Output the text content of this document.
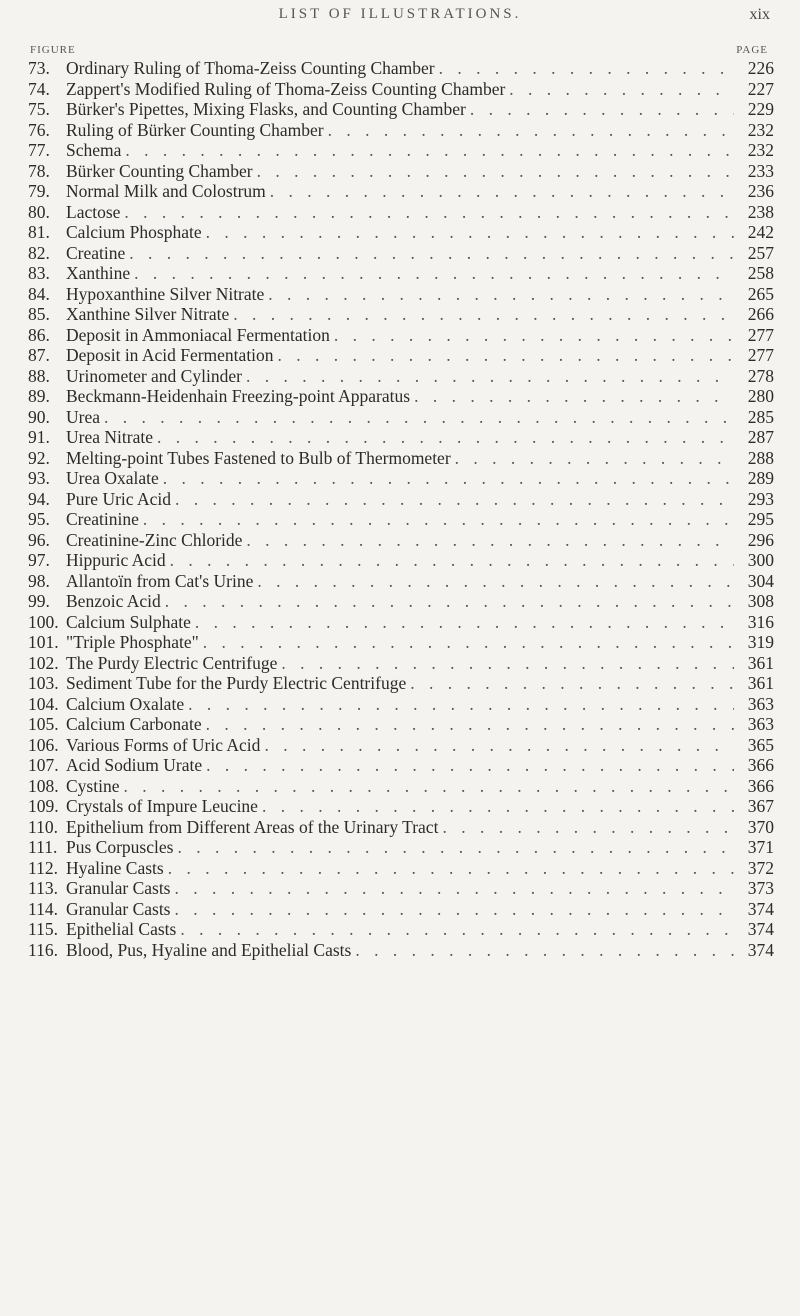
LIST OF ILLUSTRATIONS.	xix
FIGURE	PAGE
73. Ordinary Ruling of Thoma-Zeiss Counting Chamber . . .	226
74. Zappert's Modified Ruling of Thoma-Zeiss Counting Chamber . . .	227
75. Bürker's Pipettes, Mixing Flasks, and Counting Chamber . . .	229
76. Ruling of Bürker Counting Chamber . . .	232
77. Schema . . .	232
78. Bürker Counting Chamber . . .	233
79. Normal Milk and Colostrum . . .	236
80. Lactose . . .	238
81. Calcium Phosphate . . .	242
82. Creatine . . .	257
83. Xanthine . . .	258
84. Hypoxanthine Silver Nitrate . . .	265
85. Xanthine Silver Nitrate . . .	266
86. Deposit in Ammoniacal Fermentation . . .	277
87. Deposit in Acid Fermentation . . .	277
88. Urinometer and Cylinder . . .	278
89. Beckmann-Heidenhain Freezing-point Apparatus . . .	280
90. Urea . . .	285
91. Urea Nitrate . . .	287
92. Melting-point Tubes Fastened to Bulb of Thermometer . . .	288
93. Urea Oxalate . . .	289
94. Pure Uric Acid . . .	293
95. Creatinine . . .	295
96. Creatinine-Zinc Chloride . . .	296
97. Hippuric Acid . . .	300
98. Allantoïn from Cat's Urine . . .	304
99. Benzoic Acid . . .	308
100. Calcium Sulphate . . .	316
101. "Triple Phosphate" . . .	319
102. The Purdy Electric Centrifuge . . .	361
103. Sediment Tube for the Purdy Electric Centrifuge . . .	361
104. Calcium Oxalate . . .	363
105. Calcium Carbonate . . .	363
106. Various Forms of Uric Acid . . .	365
107. Acid Sodium Urate . . .	366
108. Cystine . . .	366
109. Crystals of Impure Leucine . . .	367
110. Epithelium from Different Areas of the Urinary Tract . . .	370
111. Pus Corpuscles . . .	371
112. Hyaline Casts . . .	372
113. Granular Casts . . .	373
114. Granular Casts . . .	374
115. Epithelial Casts . . .	374
116. Blood, Pus, Hyaline and Epithelial Casts . . .	374
